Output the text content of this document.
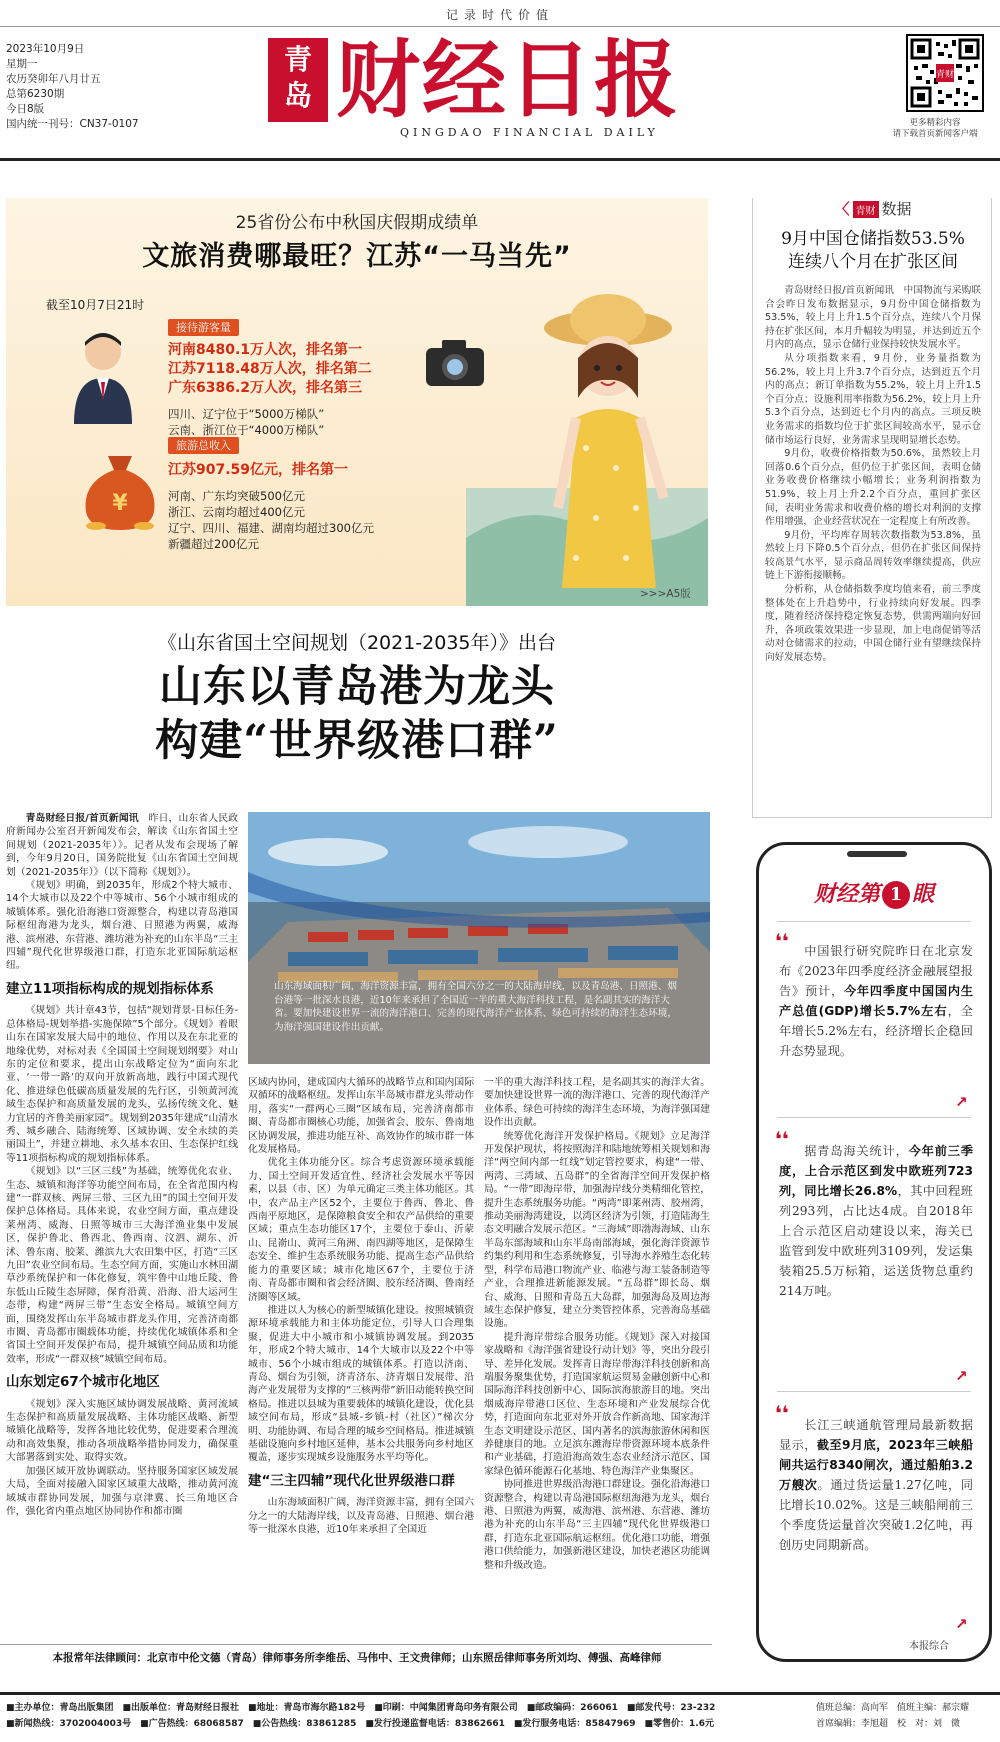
记录时代价值
2023年10月9日
星期一
农历癸卯年八月廿五
总第6230期
今日8版
国内统一刊号：CN37-0107
青岛 财经日报
QINGDAO FINANCIAL DAILY
青财
更多精彩内容
请下载首页新闻客户端
25省份公布中秋国庆假期成绩单
文旅消费哪最旺？江苏“一马当先”
截至10月7日21时
接待游客量
河南8480.1万人次，排名第一
江苏7118.48万人次，排名第二
广东6386.2万人次，排名第三
四川、辽宁位于“5000万梯队”
云南、浙江位于“4000万梯队”
旅游总收入
江苏907.59亿元，排名第一
河南、广东均突破500亿元
浙江、云南均超过400亿元
辽宁、四川、福建、湖南均超过300亿元
新疆超过200亿元
¥
>>>A5版
〈 青财 数据
9月中国仓储指数53.5%
连续八个月在扩张区间

青岛财经日报/首页新闻讯　中国物流与采购联合会昨日发布数据显示，9月份中国仓储指数为53.5%，较上月上升1.5个百分点，连续八个月保持在扩张区间，本月升幅较为明显，并达到近五个月内的高点，显示仓储行业保持较快发展水平。

从分项指数来看，9月份，业务量指数为56.2%，较上月上升3.7个百分点，达到近五个月内的高点；新订单指数为55.2%，较上月上升1.5个百分点；设施利用率指数为56.2%，较上月上升5.3个百分点，达到近七个月内的高点。三项反映业务需求的指数均位于扩张区间较高水平，显示仓储市场运行良好，业务需求呈现明显增长态势。

9月份，收费价格指数为50.6%，虽然较上月回落0.6个百分点，但仍位于扩张区间，表明仓储业务收费价格继续小幅增长；业务利润指数为51.9%，较上月上升2.2个百分点，重回扩张区间，表明业务需求和收费价格的增长对利润的支撑作用增强，企业经营状况在一定程度上有所改善。

9月份，平均库存周转次数指数为53.8%，虽然较上月下降0.5个百分点，但仍在扩张区间保持较高景气水平，显示商品周转效率继续提高，供应链上下游衔接顺畅。

分析称，从仓储指数季度均值来看，前三季度整体处在上升趋势中，行业持续向好发展。四季度，随着经济保持稳定恢复态势，供需两端向好回升，各项政策效果进一步显现，加上电商促销等活动对仓储需求的拉动，中国仓储行业有望继续保持向好发展态势。

《山东省国土空间规划（2021-2035年）》出台
山东以青岛港为龙头
构建“世界级港口群”

青岛财经日报/首页新闻讯　 昨日，山东省人民政府新闻办公室召开新闻发布会，解读《山东省国土空间规划（2021-2035年）》。记者从发布会现场了解到，今年9月20日，国务院批复《山东省国土空间规划（2021-2035年）》（以下简称《规划》）。

《规划》明确，到2035年，形成2个特大城市、14个大城市以及22个中等城市、56个小城市组成的城镇体系。强化沿海港口资源整合，构建以青岛港国际枢纽海港为龙头，烟台港、日照港为两翼，威海港、滨州港、东营港、潍坊港为补充的山东半岛“三主四辅”现代化世界级港口群，打造东北亚国际航运枢纽。

建立11项指标构成的规划指标体系

《规划》共计章43节，包括“规划背景-目标任务-总体格局-规划举措-实施保障”5个部分。《规划》着眼山东在国家发展大局中的地位、作用以及在东北亚的地缘优势，对标对表《全国国土空间规划纲要》对山东的定位和要求，提出山东战略定位为“面向东北亚、‘一带一路’的双向开放新高地，践行中国式现代化、推进绿色低碳高质量发展的先行区，引领黄河流域生态保护和高质量发展的龙头，弘扬传统文化、魅力宜居的齐鲁美丽家园”。规划到2035年建成“山清水秀、城乡融合、陆海统筹、区域协调、安全永续的美丽国土”，并建立耕地、永久基本农田、生态保护红线等11项指标构成的规划指标体系。

《规划》以“三区三线”为基础，统筹优化农业、生态、城镇和海洋等功能空间布局，在全省范围内构建“一群双核、两屏三带、三区九田”的国土空间开发保护总体格局。具体来说，农业空间方面，重点建设莱州湾、威海、日照等城市三大海洋渔业集中发展区，保护鲁北、鲁西北、鲁西南、汶泗、湖东、沂沭、鲁东南、胶莱、潍滨九大农田集中区，打造“三区九田”农业空间布局。生态空间方面，实施山水林田湖草沙系统保护和一体化修复，筑牢鲁中山地丘陵、鲁东低山丘陵生态屏障，保育沿黄、沿海、沿大运河生态带，构建“两屏三带”生态安全格局。城镇空间方面，围绕发挥山东半岛城市群龙头作用，完善济南都市圈、青岛都市圈载体功能，持续优化城镇体系和全省国土空间开发保护布局，提升城镇空间品质和功能效率，形成“一群双核”城镇空间布局。

山东划定67个城市化地区

《规划》深入实施区域协调发展战略、黄河流域生态保护和高质量发展战略、主体功能区战略、新型城镇化战略等，发挥各地比较优势，促进要素合理流动和高效集聚，推动各项战略举措协同发力，确保重大部署落到实处、取得实效。

加强区域开放协调联动。坚持服务国家区域发展大局，全面对接融入国家区域重大战略，推动黄河流域城市群协同发展，加强与京津冀、长三角地区合作，强化省内重点地区协同协作和都市圈

山东海域面积广阔，海洋资源丰富，拥有全国六分之一的大陆海岸线，以及青岛港、日照港、烟台港等一批深水良港，近10年来承担了全国近一半的重大海洋科技工程，是名副其实的海洋大省。要加快建设世界一流的海洋港口、完善的现代海洋产业体系、绿色可持续的海洋生态环境，为海洋强国建设作出贡献。

区域内协同，建成国内大循环的战略节点和国内国际双循环的战略枢纽。发挥山东半岛城市群龙头带动作用，落实“一群两心三圈”区域布局，完善济南都市圈、青岛都市圈核心功能，加强省会、胶东、鲁南地区协调发展，推进功能互补、高效协作的城市群一体化发展格局。

优化主体功能分区。综合考虑资源环境承载能力、国土空间开发适宜性、经济社会发展水平等因素，以县（市、区）为单元确定三类主体功能区。其中，农产品主产区52个，主要位于鲁西、鲁北、鲁西南平原地区，是保障粮食安全和农产品供给的重要区域；重点生态功能区17个，主要位于泰山、沂蒙山、昆嵛山、黄河三角洲、南四湖等地区，是保障生态安全、维护生态系统服务功能、提高生态产品供给能力的重要区域；城市化地区67个，主要位于济南、青岛都市圈和省会经济圈、胶东经济圈、鲁南经济圈等区域。

推进以人为核心的新型城镇化建设。按照城镇资源环境承载能力和主体功能定位，引导人口合理集聚，促进大中小城市和小城镇协调发展。到2035年，形成2个特大城市、14个大城市以及22个中等城市、56个小城市组成的城镇体系。打造以济南、青岛、烟台为引领，济青济东、济青烟日发展带、沿海产业发展带为支撑的“三核两带”新旧动能转换空间格局。推进以县城为重要载体的城镇化建设，优化县域空间布局，形成“县城-乡镇-村（社区）”梯次分明、功能协调、布局合理的城乡空间格局。推进城镇基础设施向乡村地区延伸，基本公共服务向乡村地区覆盖，逐步实现城乡设施服务水平均等化。

建“三主四辅”现代化世界级港口群

山东海域面积广阔，海洋资源丰富，拥有全国六分之一的大陆海岸线，以及青岛港、日照港、烟台港等一批深水良港，近10年来承担了全国近

一半的重大海洋科技工程，是名副其实的海洋大省。要加快建设世界一流的海洋港口、完善的现代海洋产业体系、绿色可持续的海洋生态环境，为海洋强国建设作出贡献。

统筹优化海洋开发保护格局。《规划》立足海洋开发保护现状，将按照海洋和陆地统筹相关规划和海洋“两空间内部一红线”划定管控要求，构建“一带、两湾、三湾域、五岛群”的全省海洋空间开发保护格局。“一带”即海岸带，加强海岸线分类精细化管控，提升生态系统服务功能。“两湾”即莱州湾、胶州湾，推动美丽海湾建设，以湾区经济为引领，打造陆海生态文明融合发展示范区。“三海域”即渤海海域、山东半岛东部海域和山东半岛南部海域，强化海洋资源节约集约利用和生态系统修复，引导海水养殖生态化转型，科学布局港口物流产业、临港与海工装备制造等产业，合理推进新能源发展。“五岛群”即长岛、烟台、威海、日照和青岛五大岛群，加强海岛及周边海域生态保护修复，建立分类管控体系，完善海岛基础设施。

提升海岸带综合服务功能。《规划》深入对接国家战略和《海洋强省建设行动计划》等，突出分段引导、差异化发展。发挥青日海岸带海洋科技创新和高端服务聚集优势，打造国家航运贸易金融创新中心和国际海洋科技创新中心、国际滨海旅游目的地。突出烟威海岸带港口区位、生态环境和产业发展综合优势，打造面向东北亚对外开放合作新高地、国家海洋生态文明建设示范区、国内著名的滨海旅游休闲和医养健康目的地。立足滨东潍海岸带资源环境本底条件和产业基础，打造沿海高效生态农业经济示范区、国家绿色循环能源石化基地、特色海洋产业集聚区。

协同推进世界级沿海港口群建设。强化沿海港口资源整合，构建以青岛港国际枢纽海港为龙头，烟台港、日照港为两翼，威海港、滨州港、东营港、潍坊港为补充的山东半岛“三主四辅”现代化世界级港口群，打造东北亚国际航运枢纽。优化港口功能，增强港口供给能力，加强新港区建设，加快老港区功能调整和升级改造。

财经第 1 眼
❛❛	中国银行研究院昨日在北京发布《2023年四季度经济金融展望报告》预计，今年四季度中国国内生产总值(GDP)增长5.7%左右，全年增长5.2%左右，经济增长企稳回升态势显现。
↗
❛❛	据青岛海关统计，今年前三季度，上合示范区到发中欧班列723列，同比增长26.8%，其中回程班列293列，占比达4成。自2018年上合示范区启动建设以来，海关已监管到发中欧班列3109列，发运集装箱25.5万标箱，运送货物总重约214万吨。
↗
❛❛	长江三峡通航管理局最新数据显示，截至9月底，2023年三峡船闸共运行8340闸次，通过船舶3.2万艘次。通过货运量1.27亿吨，同比增长10.02%。这是三峡船闸前三个季度货运量首次突破1.2亿吨，再创历史同期新高。
↗
本报综合
本报常年法律顾问：北京市中伦文德（青岛）律师事务所李维岳、马伟中、王文贵律师；山东照岳律师事务所刘均、傅强、高峰律师
■主办单位：青岛出版集团　■出版单位：青岛财经日报社　■地址：青岛市海尔路182号　■印刷：中闻集团青岛印务有限公司　■邮政编码：266061　■邮发代号：23-232
■新闻热线：3702004003号　■广告热线：68068587　■公告热线：83861285　■发行投递监督电话：83862661　■发行服务电话：85847969　■零售价：1.6元
值班总编：高向军　值班主编：郝宗耀
首席编辑：李旭超　校　对：刘　微
